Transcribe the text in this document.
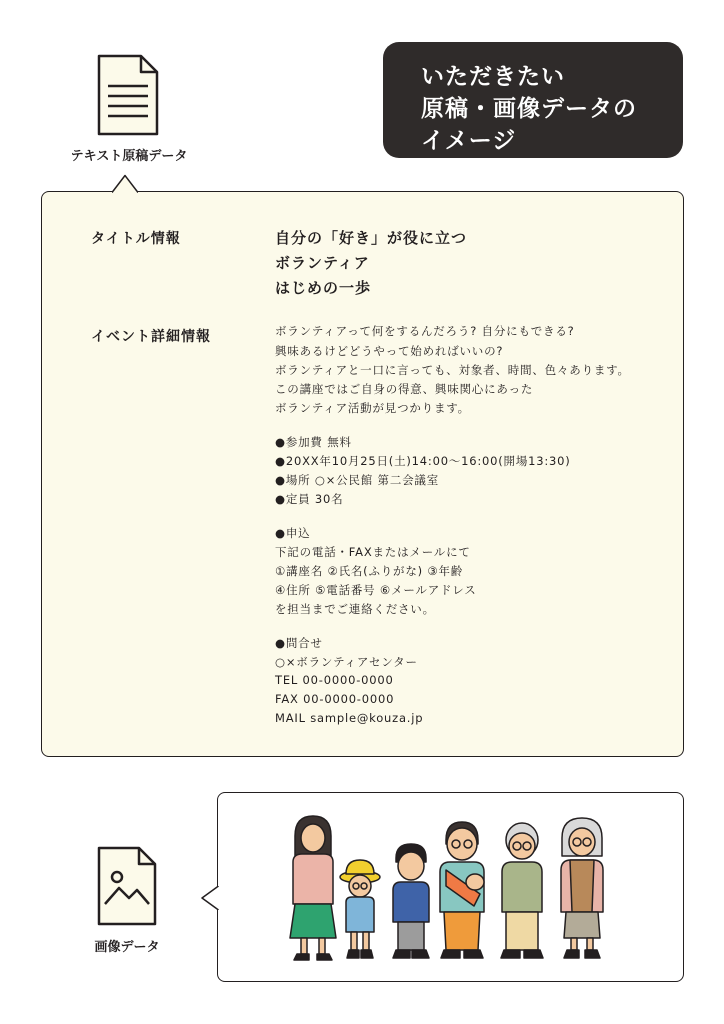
いただきたい
原稿・画像データの
イメージ
テキスト原稿データ
タイトル情報	自分の「好き」が役に立つ
ボランティア
はじめの一歩
イベント詳細情報	ボランティアって何をするんだろう? 自分にもできる?
興味あるけどどうやって始めればいいの?
ボランティアと一口に言っても、対象者、時間、色々あります。
この講座ではご自身の得意、興味関心にあった
ボランティア活動が見つかります。
●参加費 無料
●20XX年10月25日(土)14:00〜16:00(開場13:30)
●場所 ○×公民館 第二会議室
●定員 30名
●申込
下記の電話・FAXまたはメールにて
①講座名 ②氏名(ふりがな) ③年齢
④住所 ⑤電話番号 ⑥メールアドレス
を担当までご連絡ください。
●問合せ
○×ボランティアセンター
TEL 00-0000-0000
FAX 00-0000-0000
MAIL sample@kouza.jp
画像データ
